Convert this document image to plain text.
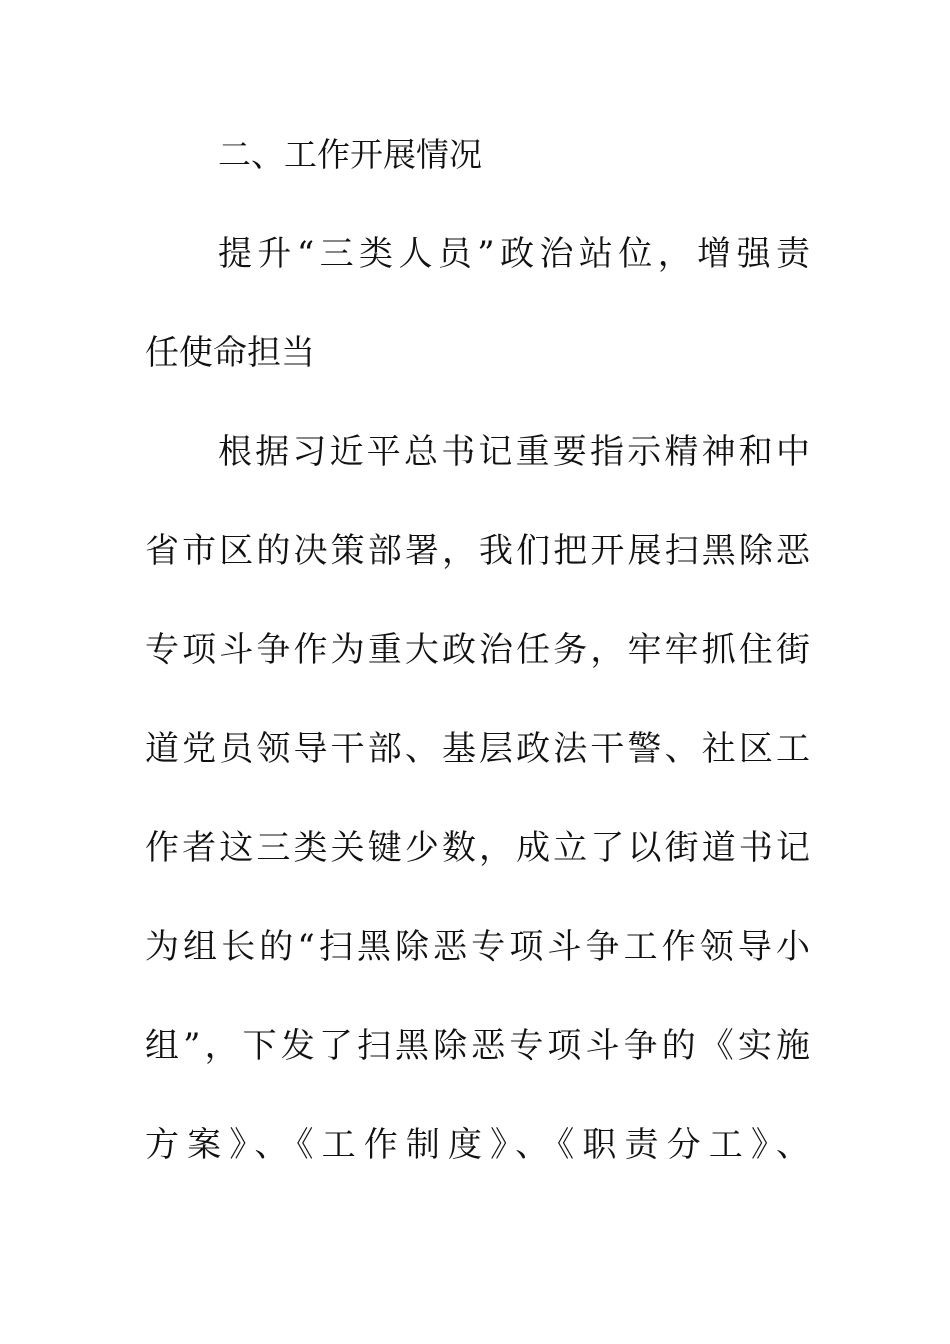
二、工作开展情况
提升“三类人员”政治站位，增强责
任使命担当
根据习近平总书记重要指示精神和中
省市区的决策部署，我们把开展扫黑除恶
专项斗争作为重大政治任务，牢牢抓住街
道党员领导干部、基层政法干警、社区工
作者这三类关键少数，成立了以街道书记
为组长的“扫黑除恶专项斗争工作领导小
组”，下发了扫黑除恶专项斗争的《实施
方案》、《工作制度》、《职责分工》、
